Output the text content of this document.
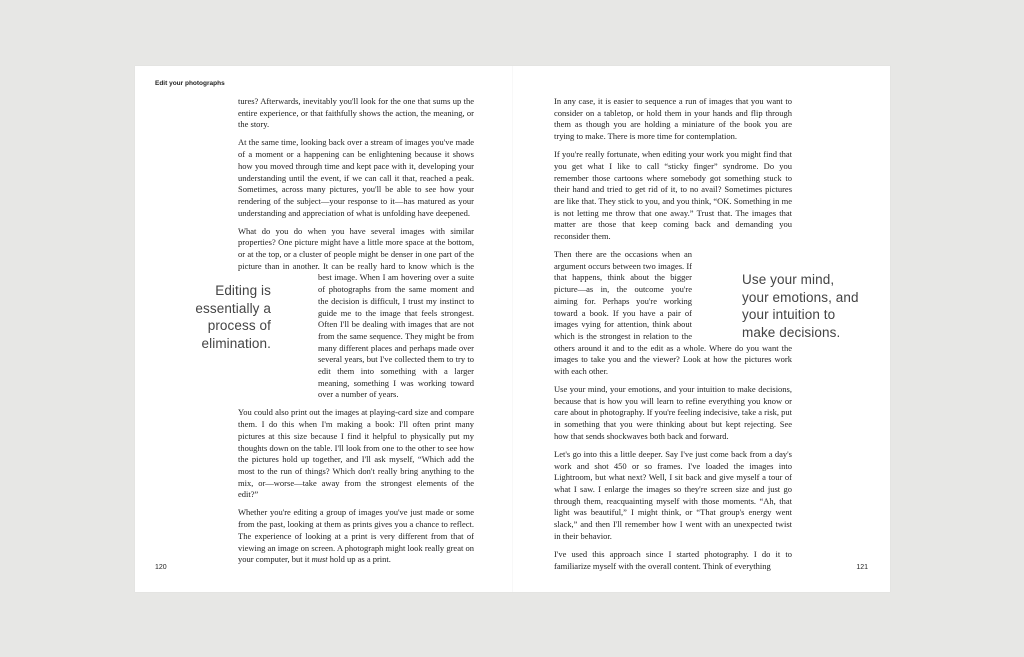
Edit your photographs

tures? Afterwards, inevitably you'll look for the one that sums up the entire experience, or that faithfully shows the action, the meaning, or the story.

At the same time, looking back over a stream of images you've made of a moment or a happening can be enlightening because it shows how you moved through time and kept pace with it, developing your understanding until the event, if we can call it that, reached a peak. Sometimes, across many pictures, you'll be able to see how your rendering of the subject—your response to it—has matured as your understanding and appreciation of what is unfolding have deepened.

What do you do when you have several images with similar properties? One picture might have a little more space at the bottom, or at the top, or a cluster of people might be denser in one part of the picture than in another. It can be really hard to know which is the best image. When I am hovering over a suite of photographs from the same moment and the decision is difficult, I trust my instinct to guide me to the image that feels strongest. Often I'll be dealing with images that are not from the same sequence. They might be from many different places and perhaps made over several years, but I've collected them to try to edit them into something with a larger meaning, something I was working toward over a number of years.

You could also print out the images at playing-card size and compare them. I do this when I'm making a book: I'll often print many pictures at this size because I find it helpful to physically put my thoughts down on the table. I'll look from one to the other to see how the pictures hold up together, and I'll ask myself, “Which add the most to the run of things? Which don't really bring anything to the mix, or—worse—take away from the strongest elements of the edit?”

Whether you're editing a group of images you've just made or some from the past, looking at them as prints gives you a chance to reflect. The experience of looking at a print is very different from that of viewing an image on screen. A photograph might look really great on your computer, but it must hold up as a print.

Editing is essentially a process of elimination.

In any case, it is easier to sequence a run of images that you want to consider on a tabletop, or hold them in your hands and flip through them as though you are holding a miniature of the book you are trying to make. There is more time for contemplation.

If you're really fortunate, when editing your work you might find that you get what I like to call “sticky finger” syndrome. Do you remember those cartoons where somebody got something stuck to their hand and tried to get rid of it, to no avail? Sometimes pictures are like that. They stick to you, and you think, “OK. Something in me is not letting me throw that one away.” Trust that. The images that matter are those that keep coming back and demanding you reconsider them.

Then there are the occasions when an argument occurs between two images. If that happens, think about the bigger picture—as in, the outcome you're aiming for. Perhaps you're working toward a book. If you have a pair of images vying for attention, think about which is the strongest in relation to the others around it and to the edit as a whole. Where do you want the images to take you and the viewer? Look at how the pictures work with each other.

Use your mind, your emotions, and your intuition to make decisions, because that is how you will learn to refine everything you know or care about in photography. If you're feeling indecisive, take a risk, put in something that you were thinking about but kept rejecting. See how that sends shockwaves both back and forward.

Let's go into this a little deeper. Say I've just come back from a day's work and shot 450 or so frames. I've loaded the images into Lightroom, but what next? Well, I sit back and give myself a tour of what I saw. I enlarge the images so they're screen size and just go through them, reacquainting myself with those moments. “Ah, that light was beautiful,” I might think, or “That group's energy went slack,” and then I'll remember how I went with an unexpected twist in their behavior.

I've used this approach since I started photography. I do it to familiarize myself with the overall content. Think of everything

Use your mind, your emotions, and your intuition to make decisions.
120	121
